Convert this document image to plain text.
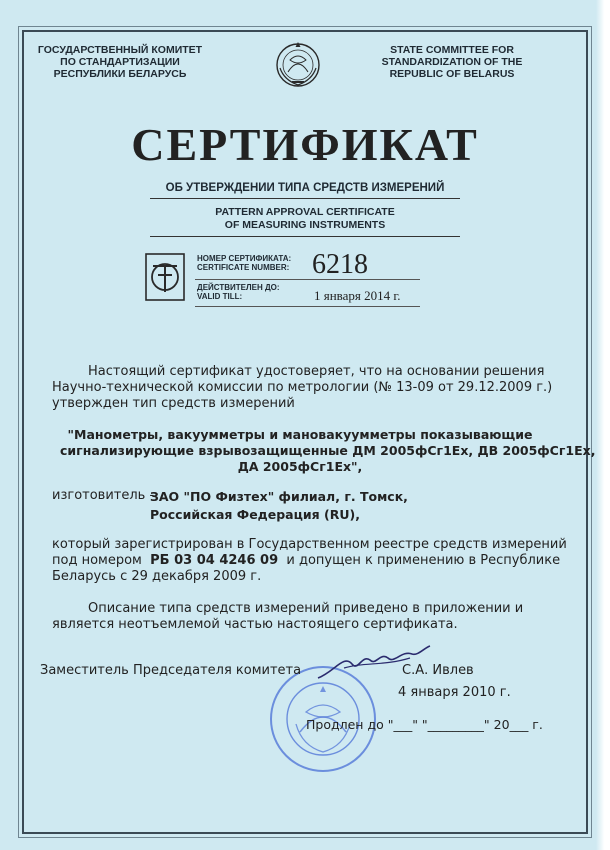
ГОСУДАРСТВЕННЫЙ КОМИТЕТ
ПО СТАНДАРТИЗАЦИИ
РЕСПУБЛИКИ БЕЛАРУСЬ
STATE COMMITTEE FOR
STANDARDIZATION OF THE
REPUBLIC OF BELARUS
СЕРТИФИКАТ
ОБ УТВЕРЖДЕНИИ ТИПА СРЕДСТВ ИЗМЕРЕНИЙ
PATTERN APPROVAL CERTIFICATE
OF MEASURING INSTRUMENTS
НОМЕР СЕРТИФИКАТА:
CERTIFICATE NUMBER: 6218
ДЕЙСТВИТЕЛЕН ДО:
VALID TILL:	1 января 2014 г.
Настоящий сертификат удостоверяет, что на основании решения
Научно-технической комиссии по метрологии (№ 13-09 от 29.12.2009 г.)
утвержден тип средств измерений
"Манометры, вакуумметры и мановакуумметры показывающие
сигнализирующие взрывозащищенные ДМ 2005фСг1Ех, ДВ 2005фСг1Ех,
ДА 2005фСг1Ех",
изготовитель -
ЗАО "ПО Физтех" филиал, г. Томск,
Российская Федерация (RU),
который зарегистрирован в Государственном реестре средств измерений
под номером РБ 03 04 4246 09 и допущен к применению в Республике
Беларусь с 29 декабря 2009 г.
Описание типа средств измерений приведено в приложении и
является неотъемлемой частью настоящего сертификата.
Заместитель Председателя комитета	С.А. Ивлев
4 января 2010 г.
Продлен до "___" "_________" 20___ г.
